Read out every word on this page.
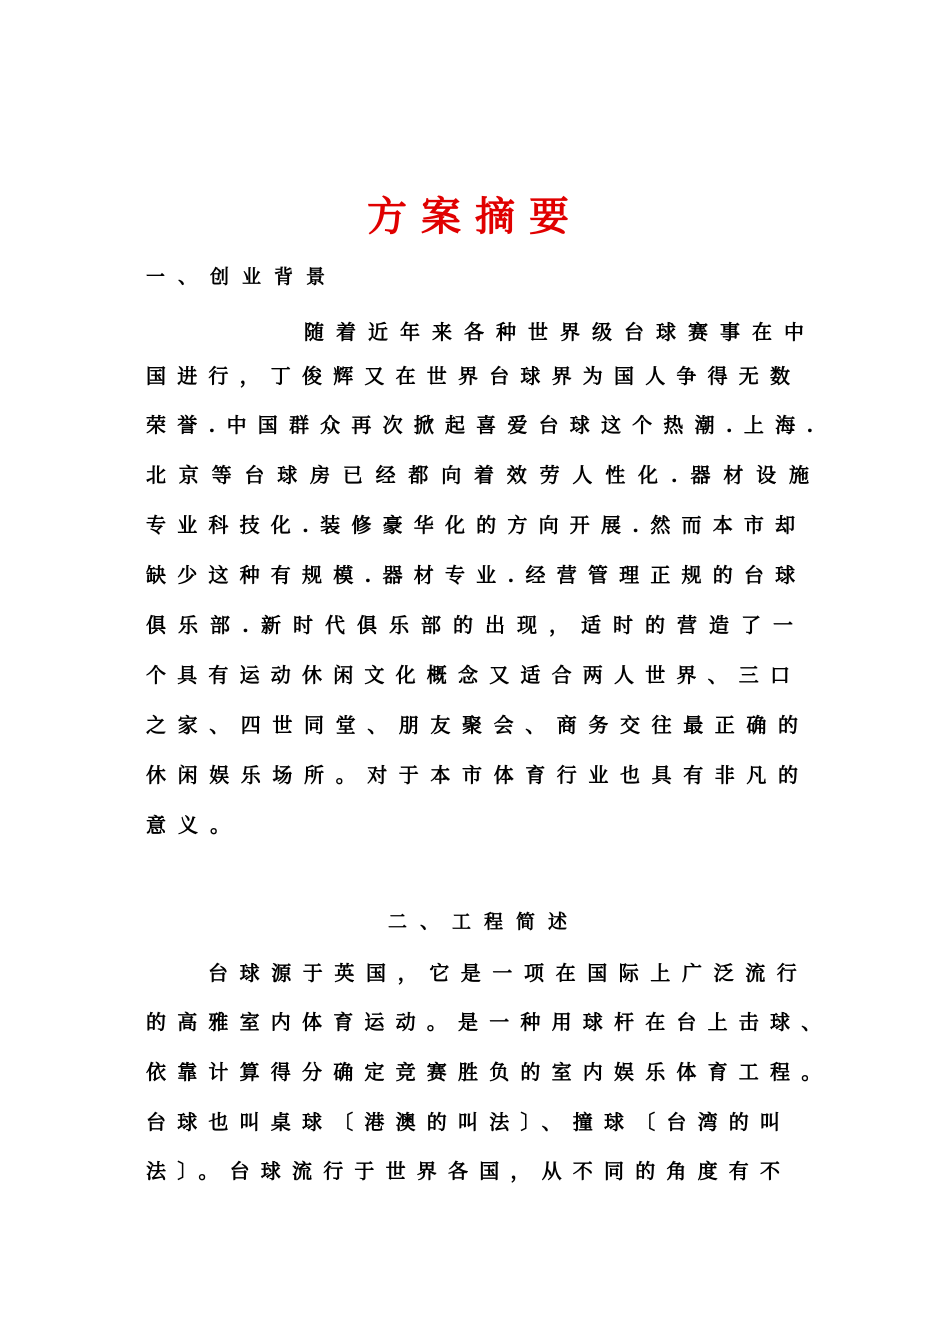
方案摘要
一、创业背景
随着近年来各种世界级台球赛事在中
国进行，丁俊辉又在世界台球界为国人争得无数
荣誉.中国群众再次掀起喜爱台球这个热潮.上海.
北京等台球房已经都向着效劳人性化.器材设施
专业科技化.装修豪华化的方向开展.然而本市却
缺少这种有规模.器材专业.经营管理正规的台球
俱乐部.新时代俱乐部的出现，适时的营造了一
个具有运动休闲文化概念又适合两人世界、三口
之家、四世同堂、朋友聚会、商务交往最正确的
休闲娱乐场所。对于本市体育行业也具有非凡的
意义。
二、工程简述
台球源于英国，它是一项在国际上广泛流行
的高雅室内体育运动。是一种用球杆在台上击球、
依靠计算得分确定竞赛胜负的室内娱乐体育工程。
台球也叫桌球〔港澳的叫法〕、撞球〔台湾的叫
法〕。台球流行于世界各国，从不同的角度有不
